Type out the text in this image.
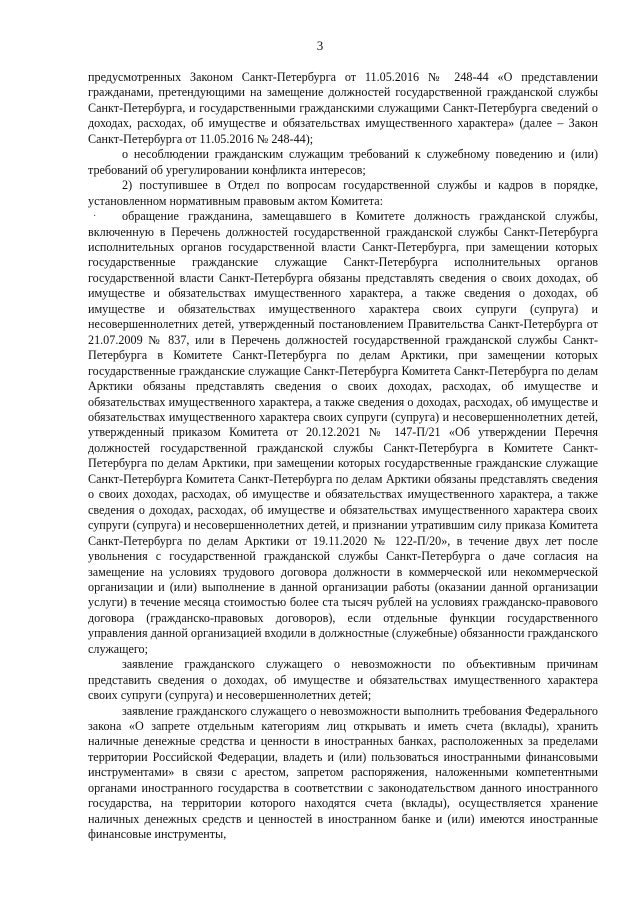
3
·

предусмотренных Законом Санкт-Петербурга от 11.05.2016 № 248-44 «О представлении гражданами, претендующими на замещение должностей государственной гражданской службы Санкт-Петербурга, и государственными гражданскими служащими Санкт-Петербурга сведений о доходах, расходах, об имуществе и обязательствах имущественного характера» (далее – Закон Санкт-Петербурга от 11.05.2016 № 248-44);

о несоблюдении гражданским служащим требований к служебному поведению и (или) требований об урегулировании конфликта интересов;

2) поступившее в Отдел по вопросам государственной службы и кадров в порядке, установленном нормативным правовым актом Комитета:

обращение гражданина, замещавшего в Комитете должность гражданской службы, включенную в Перечень должностей государственной гражданской службы Санкт-Петербурга исполнительных органов государственной власти Санкт-Петербурга, при замещении которых государственные гражданские служащие Санкт-Петербурга исполнительных органов государственной власти Санкт-Петербурга обязаны представлять сведения о своих доходах, об имуществе и обязательствах имущественного характера, а также сведения о доходах, об имуществе и обязательствах имущественного характера своих супруги (супруга) и несовершеннолетних детей, утвержденный постановлением Правительства Санкт-Петербурга от 21.07.2009 № 837, или в Перечень должностей государственной гражданской службы Санкт-Петербурга в Комитете Санкт-Петербурга по делам Арктики, при замещении которых государственные гражданские служащие Санкт-Петербурга Комитета Санкт-Петербурга по делам Арктики обязаны представлять сведения о своих доходах, расходах, об имуществе и обязательствах имущественного характера, а также сведения о доходах, расходах, об имуществе и обязательствах имущественного характера своих супруги (супруга) и несовершеннолетних детей, утвержденный приказом Комитета от 20.12.2021 № 147-П/21 «Об утверждении Перечня должностей государственной гражданской службы Санкт-Петербурга в Комитете Санкт-Петербурга по делам Арктики, при замещении которых государственные гражданские служащие Санкт-Петербурга Комитета Санкт-Петербурга по делам Арктики обязаны представлять сведения о своих доходах, расходах, об имуществе и обязательствах имущественного характера, а также сведения о доходах, расходах, об имуществе и обязательствах имущественного характера своих супруги (супруга) и несовершеннолетних детей, и признании утратившим силу приказа Комитета Санкт-Петербурга по делам Арктики от 19.11.2020 № 122-П/20», в течение двух лет после увольнения с государственной гражданской службы Санкт-Петербурга о даче согласия на замещение на условиях трудового договора должности в коммерческой или некоммерческой организации и (или) выполнение в данной организации работы (оказании данной организации услуги) в течение месяца стоимостью более ста тысяч рублей на условиях гражданско-правового договора (гражданско-правовых договоров), если отдельные функции государственного управления данной организацией входили в должностные (служебные) обязанности гражданского служащего;

заявление гражданского служащего о невозможности по объективным причинам представить сведения о доходах, об имуществе и обязательствах имущественного характера своих супруги (супруга) и несовершеннолетних детей;

заявление гражданского служащего о невозможности выполнить требования Федерального закона «О запрете отдельным категориям лиц открывать и иметь счета (вклады), хранить наличные денежные средства и ценности в иностранных банках, расположенных за пределами территории Российской Федерации, владеть и (или) пользоваться иностранными финансовыми инструментами» в связи с арестом, запретом распоряжения, наложенными компетентными органами иностранного государства в соответствии с законодательством данного иностранного государства, на территории которого находятся счета (вклады), осуществляется хранение наличных денежных средств и ценностей в иностранном банке и (или) имеются иностранные финансовые инструменты,
